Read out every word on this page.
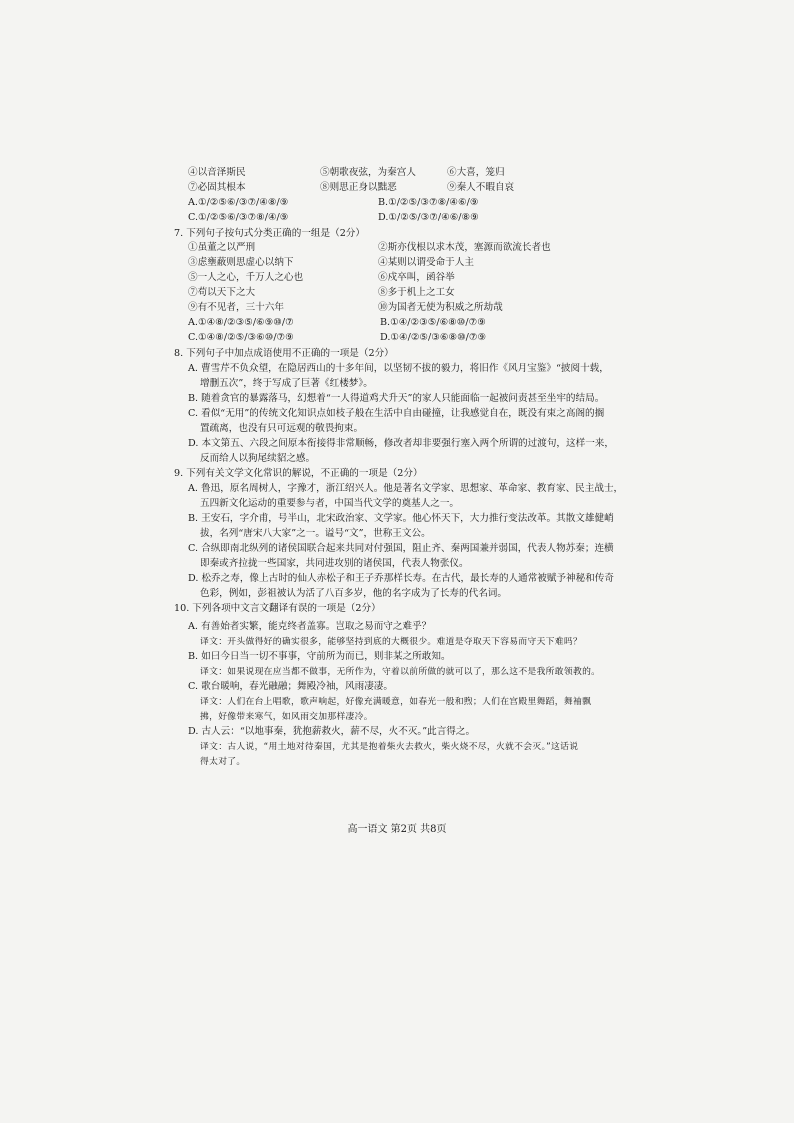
④以音泽斯民	⑤朝歌夜弦，为秦宫人	⑥大喜，笼归
⑦必固其根本	⑧则思正身以黜恶	⑨秦人不暇自哀
A.①/②⑤⑥/③⑦/④⑧/⑨	B.①/②⑤/③⑦⑧/④⑥/⑨
C.①/②⑤⑥/③⑦⑧/④/⑨	D.①/②⑤/③⑦/④⑥/⑧⑨
7. 下列句子按句式分类正确的一组是（2分）
①虽董之以严刑	②斯亦伐根以求木茂，塞源而欲流长者也
③虑壅蔽则思虚心以纳下	④某则以谓受命于人主
⑤一人之心，千万人之心也	⑥戍卒叫，函谷举
⑦苟以天下之大	⑧多于机上之工女
⑨有不见者，三十六年	⑩为国者无使为积威之所劫哉
A.①④⑧/②③⑤/⑥⑨⑩/⑦	B.①④/②③⑤/⑥⑧⑩/⑦⑨
C.①④⑧/②⑤/③⑥⑩/⑦⑨	D.①④/②⑤/③⑥⑧⑩/⑦⑨
8. 下列句子中加点成语使用不正确的一项是（2分）
A. 曹雪芹不负众望，在隐居西山的十多年间，以坚韧不拔的毅力，将旧作《风月宝鉴》“披阅十载，
增删五次”，终于写成了巨著《红楼梦》。
B. 随着贪官的暴露落马，幻想着“一人得道鸡犬升天”的家人只能面临一起被问责甚至坐牢的结局。
C. 看似“无用”的传统文化知识点如枝子般在生活中自由碰撞，让我感觉自在，既没有束之高阁的搁
置疏离，也没有只可远观的敬畏拘束。
D. 本文第五、六段之间原本衔接得非常顺畅，修改者却非要强行塞入两个所谓的过渡句，这样一来，
反而给人以狗尾续貂之感。
9. 下列有关文学文化常识的解说，不正确的一项是（2分）
A. 鲁迅，原名周树人，字豫才，浙江绍兴人。他是著名文学家、思想家、革命家、教育家、民主战士，
五四新文化运动的重要参与者，中国当代文学的奠基人之一。
B. 王安石，字介甫，号半山，北宋政治家、文学家。他心怀天下，大力推行变法改革。其散文雄健峭
拔，名列“唐宋八大家”之一。谥号“文”，世称王文公。
C. 合纵即南北纵列的诸侯国联合起来共同对付强国，阻止齐、秦两国兼并弱国，代表人物苏秦；连横
即秦或齐拉拢一些国家，共同进攻别的诸侯国，代表人物张仪。
D. 松乔之寿，像上古时的仙人赤松子和王子乔那样长寿。在古代，最长寿的人通常被赋予神秘和传奇
色彩，例如，彭祖被认为活了八百多岁，他的名字成为了长寿的代名词。
10. 下列各项中文言文翻译有误的一项是（2分）
A. 有善始者实繁，能克终者盖寡。岂取之易而守之难乎？
译文：开头做得好的确实很多，能够坚持到底的大概很少。难道是夺取天下容易而守天下难吗？
B. 如曰今日当一切不事事，守前所为而已，则非某之所敢知。
译文：如果说现在应当都不做事，无所作为，守着以前所做的就可以了，那么这不是我所敢领教的。
C. 歌台暖响，春光融融；舞殿冷袖，风雨凄凄。
译文：人们在台上唱歌，歌声响起，好像充满暖意，如春光一般和煦；人们在宫殿里舞蹈，舞袖飘
拂，好像带来寒气，如风雨交加那样凄冷。
D. 古人云：“以地事秦，犹抱薪救火，薪不尽，火不灭。”此言得之。
译文：古人说，“用土地对待秦国，尤其是抱着柴火去救火，柴火烧不尽，火就不会灭。”这话说
得太对了。
高一语文 第2页 共8页
